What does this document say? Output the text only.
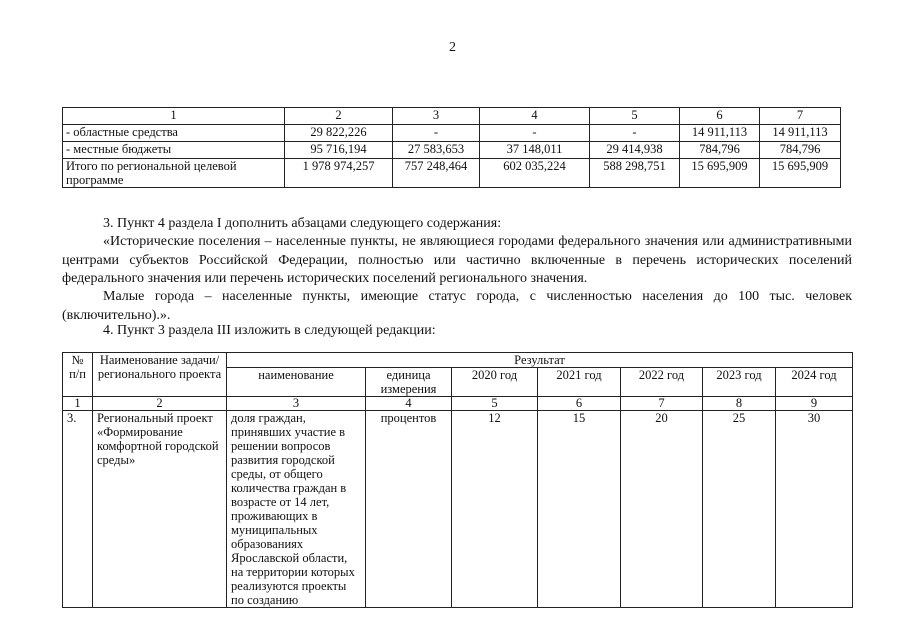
2
1	2	3	4	5	6	7
- областные средства	29 822,226	-	-	-	14 911,113	14 911,113
- местные бюджеты	95 716,194	27 583,653	37 148,011	29 414,938	784,796	784,796
Итого по региональной целевой программе	1 978 974,257	757 248,464	602 035,224	588 298,751	15 695,909	15 695,909

3. Пункт 4 раздела I дополнить абзацами следующего содержания:

«Исторические поселения – населенные пункты, не являющиеся городами федерального значения или административными центрами субъектов Российской Федерации, полностью или частично включенные в перечень исторических поселений федерального значения или перечень исторических поселений регионального значения.

Малые города – населенные пункты, имеющие статус города, с численностью населения до 100 тыс. человек (включительно).».

4. Пункт 3 раздела III изложить в следующей редакции:

№ п/п	Наименование задачи/ регионального проекта	Результат						
		наименование	единица измерения	2020 год	2021 год	2022 год	2023 год	2024 год
1	2	3	4	5	6	7	8	9
3.	Региональный проект «Формирование комфортной городской среды»	доля граждан, принявших участие в решении вопросов развития городской среды, от общего количества граждан в возрасте от 14 лет, проживающих в муниципальных образованиях Ярославской области, на территории которых реализуются проекты по созданию	процентов	12	15	20	25	30
